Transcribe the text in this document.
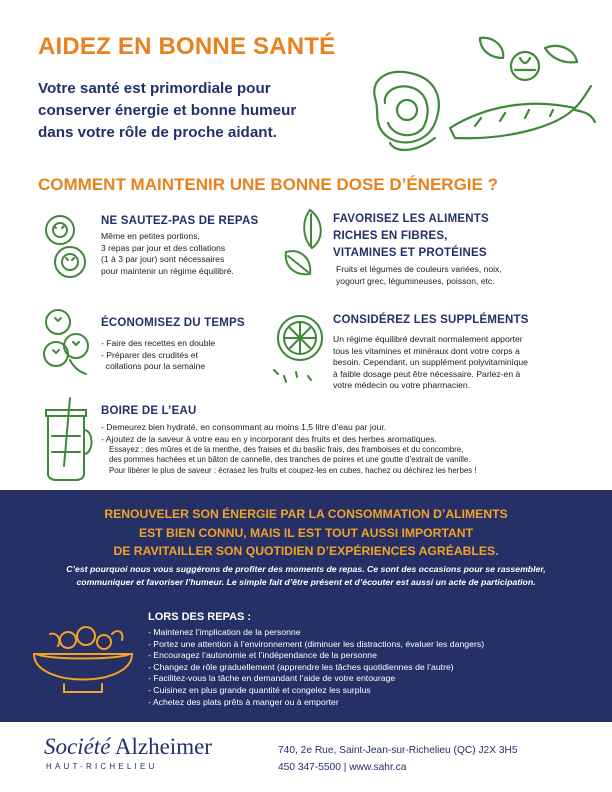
AIDEZ EN BONNE SANTÉ
Votre santé est primordiale pour
conserver énergie et bonne humeur
dans votre rôle de proche aidant.
COMMENT MAINTENIR UNE BONNE DOSE D’ÉNERGIE ?
NE SAUTEZ-PAS DE REPAS
Même en petites portions,
3 repas par jour et des collations
(1 à 3 par jour) sont nécessaires
pour maintenir un régime équilibré.
FAVORISEZ LES ALIMENTS
RICHES EN FIBRES,
VITAMINES ET PROTÉINES
Fruits et légumes de couleurs variées, noix,
yogourt grec, légumineuses, poisson, etc.
ÉCONOMISEZ DU TEMPS
- Faire des recettes en double
- Préparer des crudités et
collations pour la semaine
CONSIDÉREZ LES SUPPLÉMENTS
Un régime équilibré devrait normalement apporter
tous les vitamines et minéraux dont votre corps a
besoin. Cependant, un supplément polyvitaminique
à faible dosage peut être nécessaire. Parlez-en à
votre médecin ou votre pharmacien.
BOIRE DE L’EAU
- Demeurez bien hydraté, en consommant au moins 1,5 litre d’eau par jour.
- Ajoutez de la saveur à votre eau en y incorporant des fruits et des herbes aromatiques.
Essayez : des mûres et de la menthe, des fraises et du basilic frais, des framboises et du concombre,
des pommes hachées et un bâton de cannelle, des tranches de poires et une goutte d’extrait de vanille.
Pour libérer le plus de saveur : écrasez les fruits et coupez-les en cubes, hachez ou déchirez les herbes !
RENOUVELER SON ÉNERGIE PAR LA CONSOMMATION D’ALIMENTS
EST BIEN CONNU, MAIS IL EST TOUT AUSSI IMPORTANT
DE RAVITAILLER SON QUOTIDIEN D’EXPÉRIENCES AGRÉABLES.
C’est pourquoi nous vous suggérons de profiter des moments de repas. Ce sont des occasions pour se rassembler,
communiquer et favoriser l’humeur. Le simple fait d’être présent et d’écouter est aussi un acte de participation.
LORS DES REPAS :
- Maintenez l’implication de la personne
- Portez une attention à l’environnement (diminuer les distractions, évaluer les dangers)
- Encouragez l’autonomie et l’indépendance de la personne
- Changez de rôle graduellement (apprendre les tâches quotidiennes de l’autre)
- Facilitez-vous la tâche en demandant l’aide de votre entourage
- Cuisinez en plus grande quantité et congelez les surplus
- Achetez des plats prêts à manger ou à emporter
Société Alzheimer
HAUT-RICHELIEU
740, 2e Rue, Saint-Jean-sur-Richelieu (QC) J2X 3H5
450 347-5500 | www.sahr.ca
